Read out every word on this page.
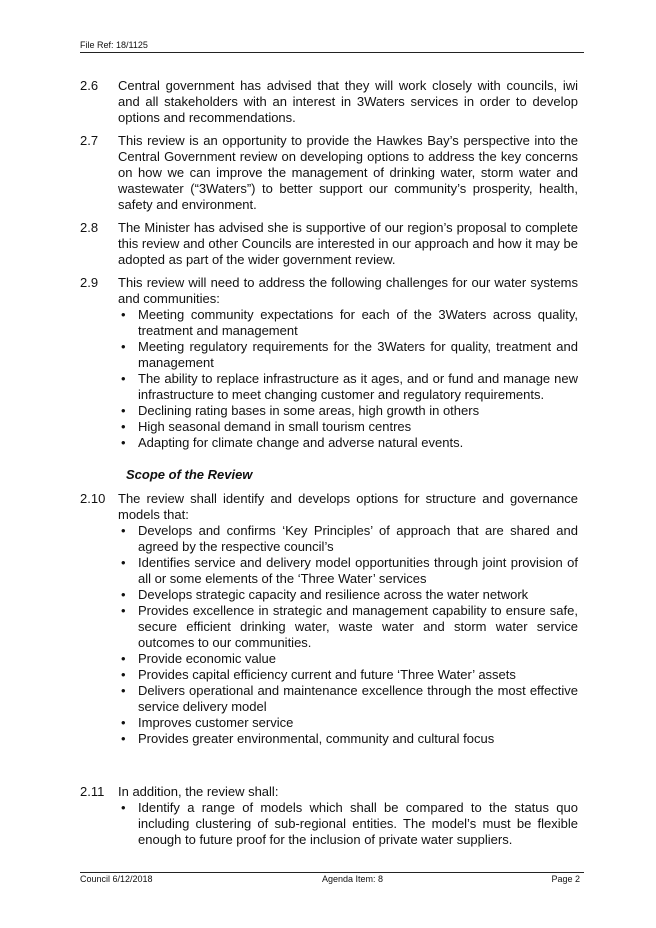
File Ref: 18/1125
2.6	Central government has advised that they will work closely with councils, iwi and all stakeholders with an interest in 3Waters services in order to develop options and recommendations.
2.7	This review is an opportunity to provide the Hawkes Bay’s perspective into the Central Government review on developing options to address the key concerns on how we can improve the management of drinking water, storm water and wastewater (“3Waters”) to better support our community’s prosperity, health, safety and environment.
2.8	The Minister has advised she is supportive of our region’s proposal to complete this review and other Councils are interested in our approach and how it may be adopted as part of the wider government review.
2.9	This review will need to address the following challenges for our water systems and communities:
• Meeting community expectations for each of the 3Waters across quality, treatment and management
• Meeting regulatory requirements for the 3Waters for quality, treatment and management
• The ability to replace infrastructure as it ages, and or fund and manage new infrastructure to meet changing customer and regulatory requirements.
• Declining rating bases in some areas, high growth in others
• High seasonal demand in small tourism centres
• Adapting for climate change and adverse natural events.
Scope of the Review
2.10 The review shall identify and develops options for structure and governance models that:
• Develops and confirms ‘Key Principles’ of approach that are shared and agreed by the respective council’s
• Identifies service and delivery model opportunities through joint provision of all or some elements of the ‘Three Water’ services
• Develops strategic capacity and resilience across the water network
• Provides excellence in strategic and management capability to ensure safe, secure efficient drinking water, waste water and storm water service outcomes to our communities.
• Provide economic value
• Provides capital efficiency current and future ‘Three Water’ assets
• Delivers operational and maintenance excellence through the most effective service delivery model
• Improves customer service
• Provides greater environmental, community and cultural focus
2.11	In addition, the review shall:
• Identify a range of models which shall be compared to the status quo including clustering of sub-regional entities. The model’s must be flexible enough to future proof for the inclusion of private water suppliers.
Council 6/12/2018	Agenda Item: 8	Page 2
